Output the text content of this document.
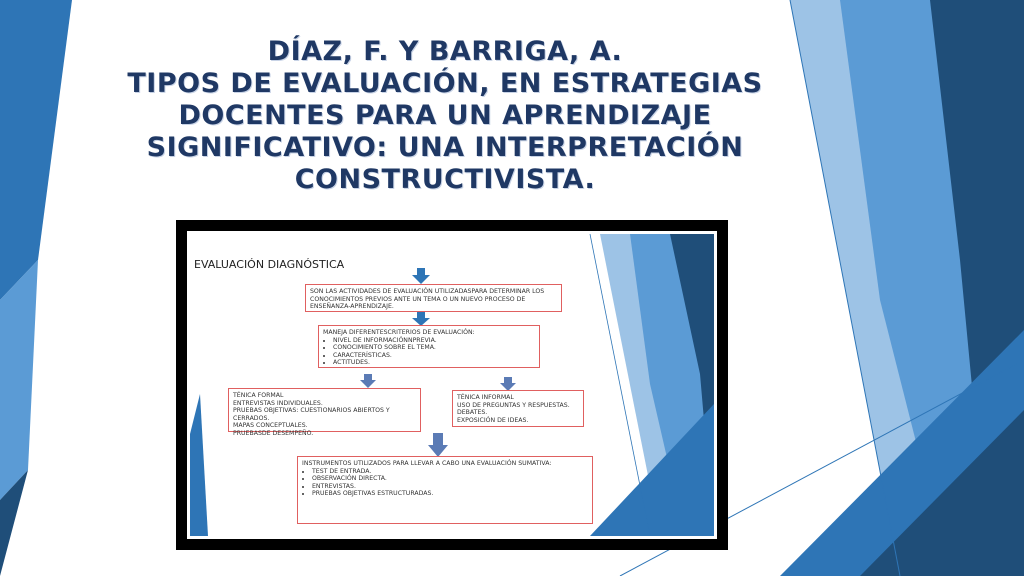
DÍAZ, F. Y BARRIGA, A.
TIPOS DE EVALUACIÓN, EN ESTRATEGIAS
DOCENTES PARA UN APRENDIZAJE
SIGNIFICATIVO: UNA INTERPRETACIÓN
CONSTRUCTIVISTA.
EVALUACIÓN DIAGNÓSTICA
SON LAS ACTIVIDADES DE EVALUACIÓN UTILIZADASPARA DETERMINAR LOS CONOCIMIENTOS PREVIOS ANTE UN TEMA O UN NUEVO PROCESO DE ENSEÑANZA-APRENDIZAJE.

MANEJA DIFERENTESCRITERIOS DE EVALUACIÓN:

• NIVEL DE INFORMACIÓNNPREVIA.
• CONOCIMIENTO SOBRE EL TEMA.
• CARACTERÍSTICAS.
• ACTITUDES.

TÉNICA FORMAL

ENTREVISTAS INDIVIDUALES.

PRUEBAS OBJETIVAS: CUESTIONARIOS ABIERTOS Y CERRADOS.

MAPAS CONCEPTUALES.

PRUEBASDE DESEMPEÑO.

TÉNICA INFORMAL

USO DE PREGUNTAS Y RESPUESTAS.

DEBATES.

EXPOSICIÓN DE IDEAS.

INSTRUMENTOS UTILIZADOS PARA LLEVAR A CABO UNA EVALUACIÓN SUMATIVA:

• TEST DE ENTRADA.
• OBSERVACIÓN DIRECTA.
• ENTREVISTAS.
• PRUEBAS OBJETIVAS ESTRUCTURADAS.
